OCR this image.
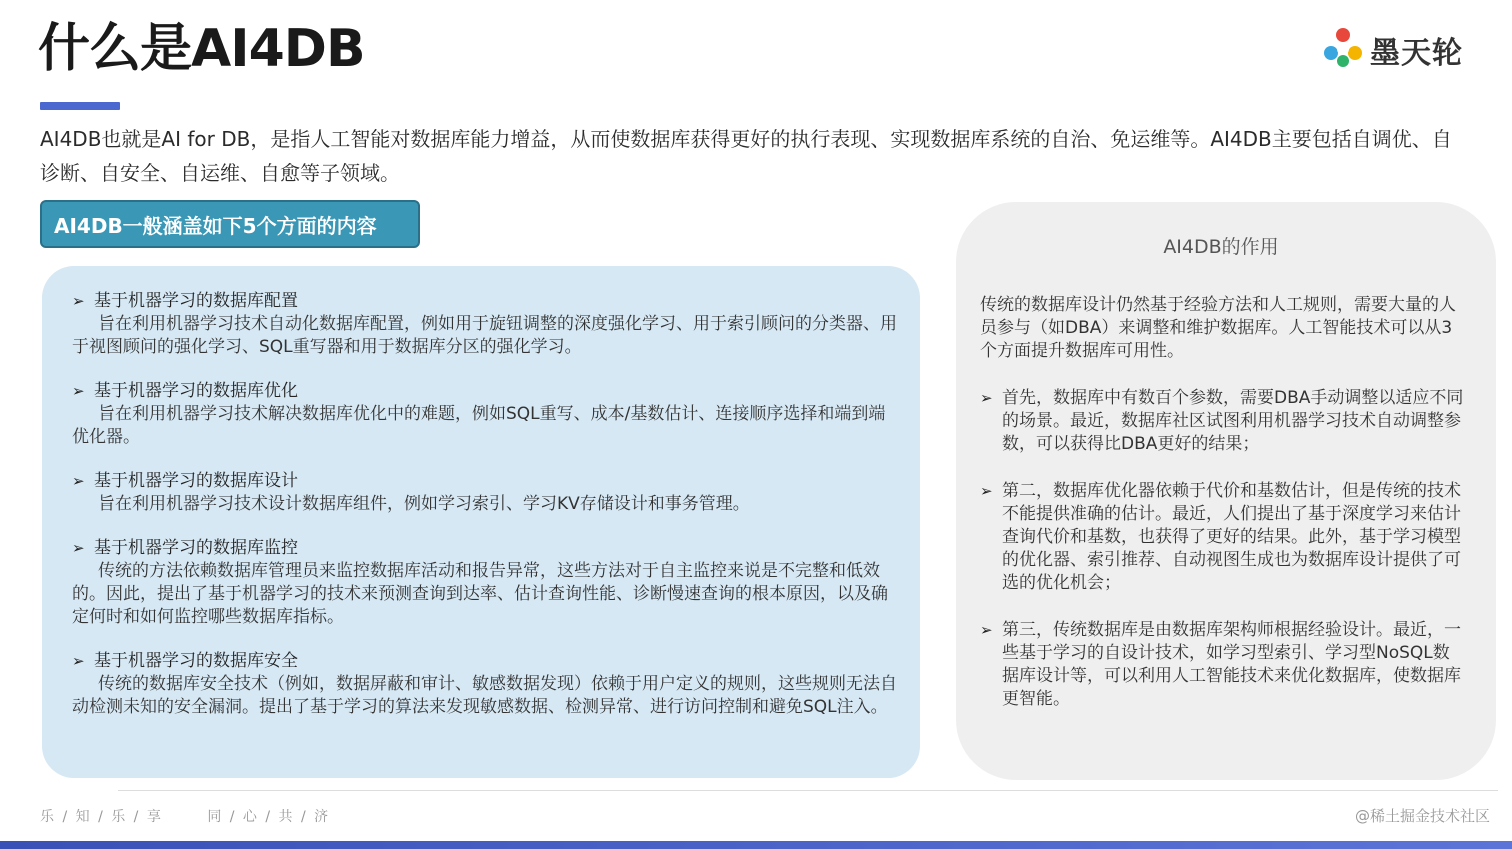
什么是AI4DB	墨天轮
AI4DB也就是AI for DB，是指人工智能对数据库能力增益，从而使数据库获得更好的执行表现、实现数据库系统的自治、免运维等。AI4DB主要包括自调优、自诊断、自安全、自运维、自愈等子领域。
AI4DB一般涵盖如下5个方面的内容
➢ 基于机器学习的数据库配置
旨在利用机器学习技术自动化数据库配置，例如用于旋钮调整的深度强化学习、用于索引顾问的分类器、用于视图顾问的强化学习、SQL重写器和用于数据库分区的强化学习。
➢ 基于机器学习的数据库优化
旨在利用机器学习技术解决数据库优化中的难题，例如SQL重写、成本/基数估计、连接顺序选择和端到端优化器。
➢ 基于机器学习的数据库设计
旨在利用机器学习技术设计数据库组件，例如学习索引、学习KV存储设计和事务管理。
➢ 基于机器学习的数据库监控
传统的方法依赖数据库管理员来监控数据库活动和报告异常，这些方法对于自主监控来说是不完整和低效的。因此，提出了基于机器学习的技术来预测查询到达率、估计查询性能、诊断慢速查询的根本原因，以及确定何时和如何监控哪些数据库指标。
➢ 基于机器学习的数据库安全
传统的数据库安全技术（例如，数据屏蔽和审计、敏感数据发现）依赖于用户定义的规则，这些规则无法自动检测未知的安全漏洞。提出了基于学习的算法来发现敏感数据、检测异常、进行访问控制和避免SQL注入。
AI4DB的作用
传统的数据库设计仍然基于经验方法和人工规则，需要大量的人员参与（如DBA）来调整和维护数据库。人工智能技术可以从3个方面提升数据库可用性。
➢ 首先，数据库中有数百个参数，需要DBA手动调整以适应不同的场景。最近，数据库社区试图利用机器学习技术自动调整参数，可以获得比DBA更好的结果；
➢ 第二，数据库优化器依赖于代价和基数估计，但是传统的技术不能提供准确的估计。最近，人们提出了基于深度学习来估计查询代价和基数，也获得了更好的结果。此外，基于学习模型的优化器、索引推荐、自动视图生成也为数据库设计提供了可选的优化机会；
➢ 第三，传统数据库是由数据库架构师根据经验设计。最近，一些基于学习的自设计技术，如学习型索引、学习型NoSQL数据库设计等，可以利用人工智能技术来优化数据库，使数据库更智能。
乐 / 知 / 乐 / 享	同 / 心 / 共 / 济	@稀土掘金技术社区
